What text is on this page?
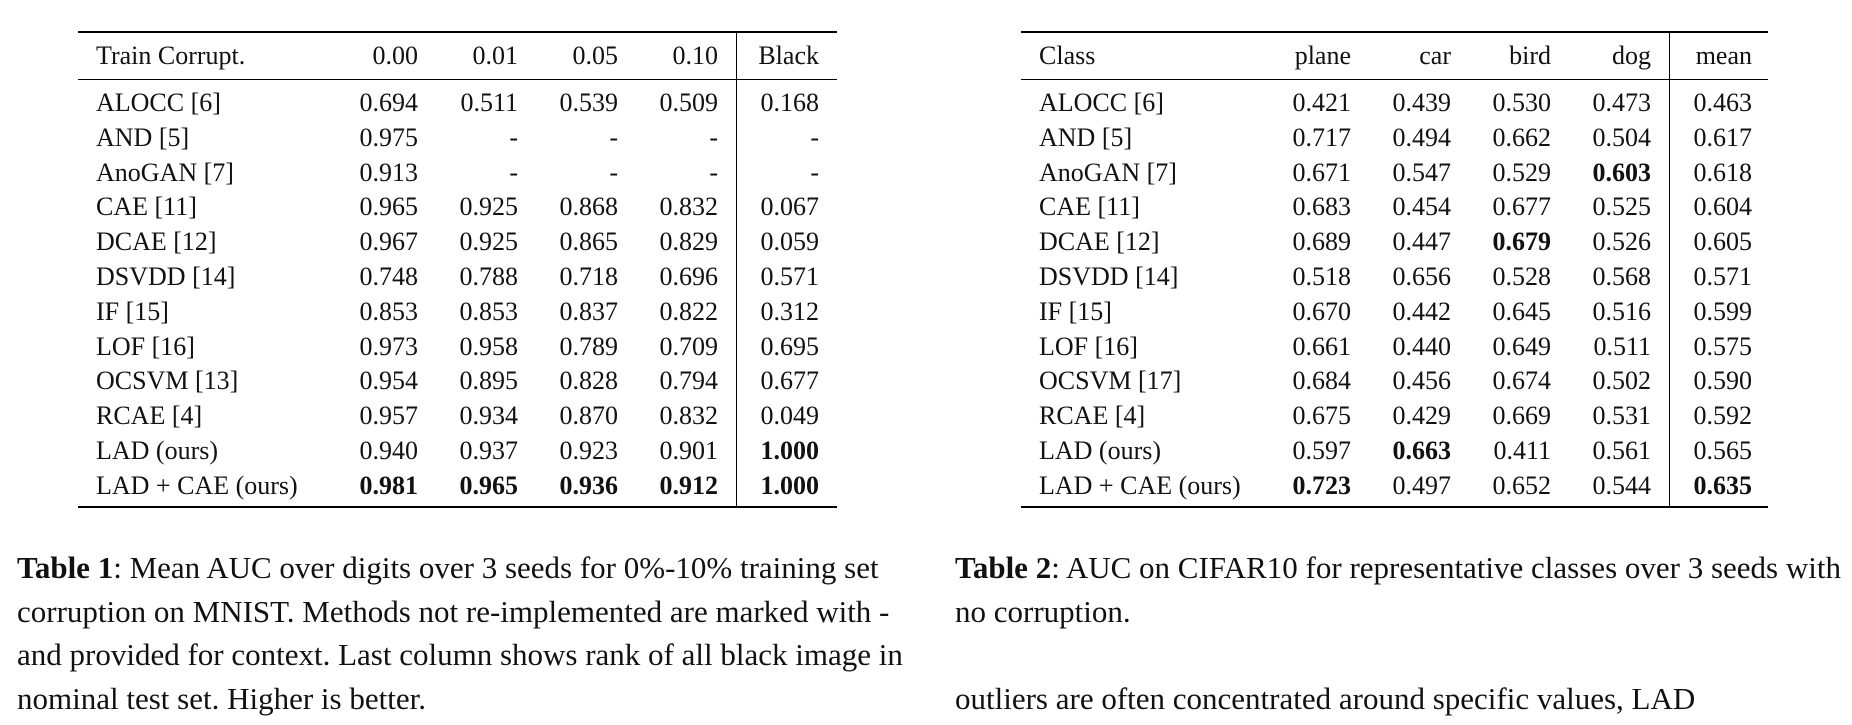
Train Corrupt.	0.00	0.01	0.05	0.10	Black
ALOCC [6]	0.694	0.511	0.539	0.509	0.168
AND [5]	0.975	-	-	-	-
AnoGAN [7]	0.913	-	-	-	-
CAE [11]	0.965	0.925	0.868	0.832	0.067
DCAE [12]	0.967	0.925	0.865	0.829	0.059
DSVDD [14]	0.748	0.788	0.718	0.696	0.571
IF [15]	0.853	0.853	0.837	0.822	0.312
LOF [16]	0.973	0.958	0.789	0.709	0.695
OCSVM [13]	0.954	0.895	0.828	0.794	0.677
RCAE [4]	0.957	0.934	0.870	0.832	0.049
LAD (ours)	0.940	0.937	0.923	0.901	1.000
LAD + CAE (ours)	0.981	0.965	0.936	0.912	1.000
Class	plane	car	bird	dog	mean
ALOCC [6]	0.421	0.439	0.530	0.473	0.463
AND [5]	0.717	0.494	0.662	0.504	0.617
AnoGAN [7]	0.671	0.547	0.529	0.603	0.618
CAE [11]	0.683	0.454	0.677	0.525	0.604
DCAE [12]	0.689	0.447	0.679	0.526	0.605
DSVDD [14]	0.518	0.656	0.528	0.568	0.571
IF [15]	0.670	0.442	0.645	0.516	0.599
LOF [16]	0.661	0.440	0.649	0.511	0.575
OCSVM [17]	0.684	0.456	0.674	0.502	0.590
RCAE [4]	0.675	0.429	0.669	0.531	0.592
LAD (ours)	0.597	0.663	0.411	0.561	0.565
LAD + CAE (ours)	0.723	0.497	0.652	0.544	0.635

Table 1: Mean AUC over digits over 3 seeds for 0%-10% training set corruption on MNIST. Methods not re-implemented are marked with - and provided for context. Last column shows rank of all black image in nominal test set. Higher is better.

Table 2: AUC on CIFAR10 for representative classes over 3 seeds with no corruption.

outliers are often concentrated around specific values, LAD
